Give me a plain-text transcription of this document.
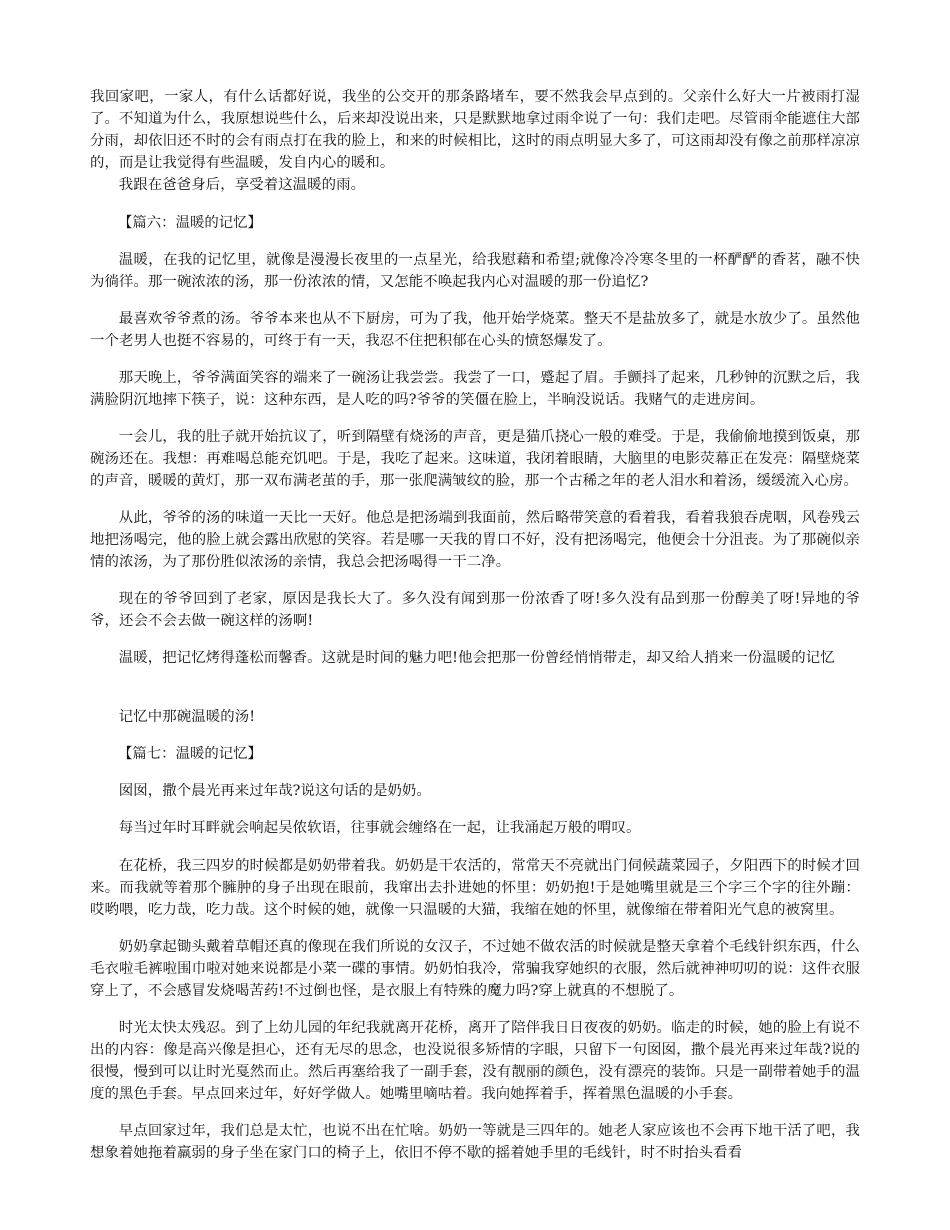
我回家吧，一家人，有什么话都好说，我坐的公交开的那条路堵车，要不然我会早点到的。父亲什么好大一片被雨打湿了。不知道为什么，我原想说些什么，后来却没说出来，只是默默地拿过雨伞说了一句：我们走吧。尽管雨伞能遮住大部分雨，却依旧还不时的会有雨点打在我的脸上，和来的时候相比，这时的雨点明显大多了，可这雨却没有像之前那样凉凉的，而是让我觉得有些温暖，发自内心的暖和。

我跟在爸爸身后，享受着这温暖的雨。

【篇六：温暖的记忆】

温暖，在我的记忆里，就像是漫漫长夜里的一点星光，给我慰藉和希望;就像冷冷寒冬里的一杯酽酽的香茗，融不快为徜徉。那一碗浓浓的汤，那一份浓浓的情，又怎能不唤起我内心对温暖的那一份追忆?

最喜欢爷爷煮的汤。爷爷本来也从不下厨房，可为了我，他开始学烧菜。整天不是盐放多了，就是水放少了。虽然他一个老男人也挺不容易的，可终于有一天，我忍不住把积郁在心头的愤怒爆发了。

那天晚上，爷爷满面笑容的端来了一碗汤让我尝尝。我尝了一口，蹙起了眉。手颤抖了起来，几秒钟的沉默之后，我满脸阴沉地摔下筷子，说：这种东西，是人吃的吗?爷爷的笑僵在脸上，半晌没说话。我赌气的走进房间。

一会儿，我的肚子就开始抗议了，听到隔壁有烧汤的声音，更是猫爪挠心一般的难受。于是，我偷偷地摸到饭桌，那碗汤还在。我想：再难喝总能充饥吧。于是，我吃了起来。这味道，我闭着眼睛，大脑里的电影荧幕正在发亮：隔壁烧菜的声音，暖暖的黄灯，那一双布满老茧的手，那一张爬满皱纹的脸，那一个古稀之年的老人泪水和着汤，缓缓流入心房。

从此，爷爷的汤的味道一天比一天好。他总是把汤端到我面前，然后略带笑意的看着我，看着我狼吞虎咽，风卷残云地把汤喝完，他的脸上就会露出欣慰的笑容。若是哪一天我的胃口不好，没有把汤喝完，他便会十分沮丧。为了那碗似亲情的浓汤，为了那份胜似浓汤的亲情，我总会把汤喝得一干二净。

现在的爷爷回到了老家，原因是我长大了。多久没有闻到那一份浓香了呀!多久没有品到那一份醇美了呀!异地的爷爷，还会不会去做一碗这样的汤啊!

温暖，把记忆烤得蓬松而馨香。这就是时间的魅力吧!他会把那一份曾经悄悄带走，却又给人捎来一份温暖的记忆

记忆中那碗温暖的汤!

【篇七：温暖的记忆】

囡囡，撒个晨光再来过年哉?说这句话的是奶奶。

每当过年时耳畔就会响起吴侬软语，往事就会缠络在一起，让我涌起万般的喟叹。

在花桥，我三四岁的时候都是奶奶带着我。奶奶是干农活的，常常天不亮就出门伺候蔬菜园子，夕阳西下的时候才回来。而我就等着那个臃肿的身子出现在眼前，我窜出去扑进她的怀里：奶奶抱!于是她嘴里就是三个字三个字的往外蹦：哎哟喂，吃力哉，吃力哉。这个时候的她，就像一只温暖的大猫，我缩在她的怀里，就像缩在带着阳光气息的被窝里。

奶奶拿起锄头戴着草帽还真的像现在我们所说的女汉子，不过她不做农活的时候就是整天拿着个毛线针织东西，什么毛衣啦毛裤啦围巾啦对她来说都是小菜一碟的事情。奶奶怕我冷，常骗我穿她织的衣服，然后就神神叨叨的说：这件衣服穿上了，不会感冒发烧喝苦药!不过倒也怪，是衣服上有特殊的魔力吗?穿上就真的不想脱了。

时光太快太残忍。到了上幼儿园的年纪我就离开花桥，离开了陪伴我日日夜夜的奶奶。临走的时候，她的脸上有说不出的内容：像是高兴像是担心，还有无尽的思念，也没说很多矫情的字眼，只留下一句囡囡，撒个晨光再来过年哉?说的很慢，慢到可以让时光戛然而止。然后再塞给我了一副手套，没有靓丽的颜色，没有漂亮的装饰。只是一副带着她手的温度的黑色手套。早点回来过年，好好学做人。她嘴里嘀咕着。我向她挥着手，挥着黑色温暖的小手套。

早点回家过年，我们总是太忙，也说不出在忙啥。奶奶一等就是三四年的。她老人家应该也不会再下地干活了吧，我想象着她拖着羸弱的身子坐在家门口的椅子上，依旧不停不歇的摇着她手里的毛线针，时不时抬头看看
